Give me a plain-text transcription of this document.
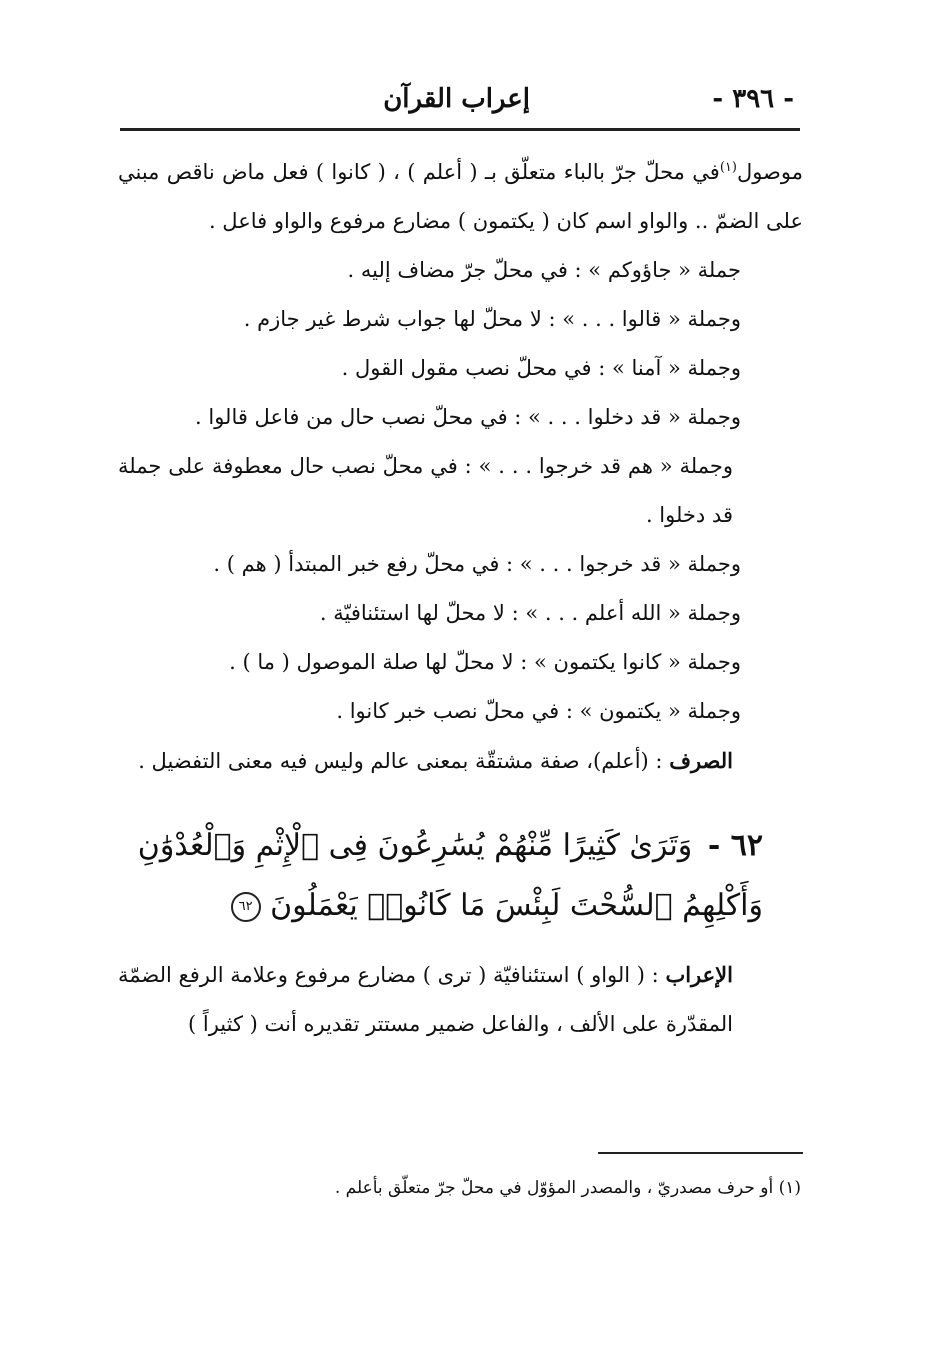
- ٣٩٦ -
إعراب القرآن

موصول$^{(١)}$في محلّ جرّ بالباء متعلّق بـ ( أعلم ) ، ( كانوا ) فعل ماض ناقص مبني على الضمّ .. والواو اسم كان ( يكتمون ) مضارع مرفوع والواو فاعل .

جملة « جاؤوكم » : في محلّ جرّ مضاف إليه .

وجملة « قالوا . . . » : لا محلّ لها جواب شرط غير جازم .

وجملة « آمنا » : في محلّ نصب مقول القول .

وجملة « قد دخلوا . . . » : في محلّ نصب حال من فاعل قالوا .

وجملة « هم قد خرجوا . . . » : في محلّ نصب حال معطوفة على جملة قد دخلوا .

وجملة « قد خرجوا . . . » : في محلّ رفع خبر المبتدأ ( هم ) .

وجملة « الله أعلم . . . » : لا محلّ لها استئنافيّة .

وجملة « كانوا يكتمون » : لا محلّ لها صلة الموصول ( ما ) .

وجملة « يكتمون » : في محلّ نصب خبر كانوا .

الصرف : (أعلم)، صفة مشتقّة بمعنى عالم وليس فيه معنى التفضيل .

٦٢ - وَتَرَىٰ كَثِيرًا مِّنْهُمْ يُسَٰرِعُونَ فِى ٱلْإِثْمِ وَٱلْعُدْوَٰنِ وَأَكْلِهِمُ ٱلسُّحْتَ لَبِئْسَ مَا كَانُوا۟ يَعْمَلُونَ ٦٢

الإعراب : ( الواو ) استئنافيّة ( ترى ) مضارع مرفوع وعلامة الرفع الضمّة المقدّرة على الألف ، والفاعل ضمير مستتر تقديره أنت ( كثيراً )

(١) أو حرف مصدريّ ، والمصدر المؤوّل في محلّ جرّ متعلّق بأعلم .
